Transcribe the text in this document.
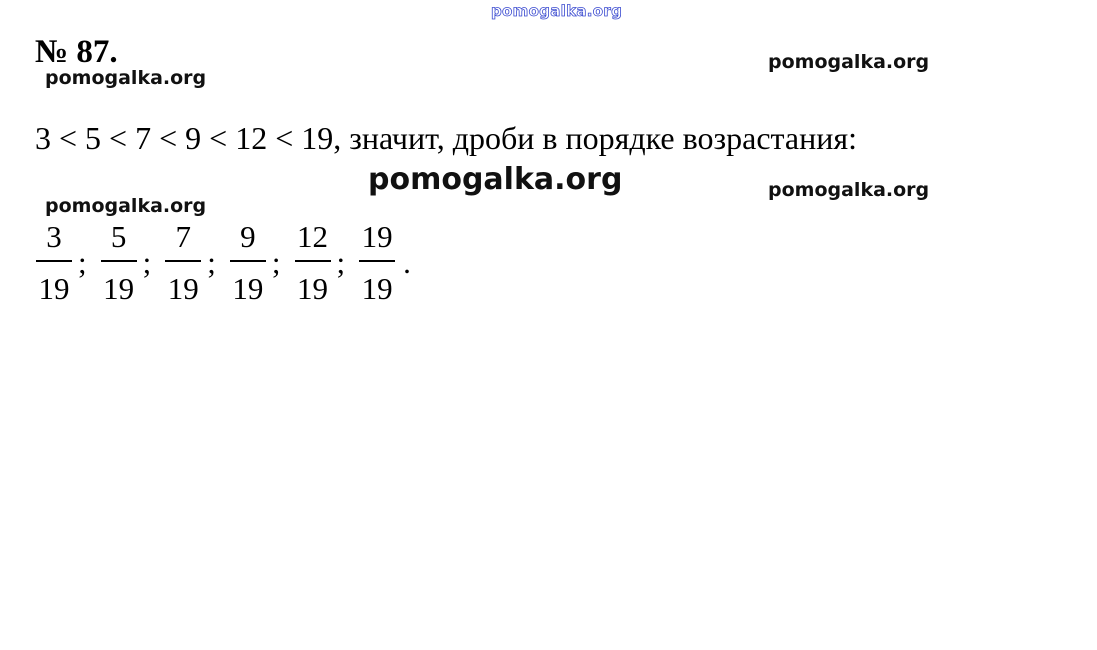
pomogalka.org
№ 87.
pomogalka.org
pomogalka.org

3 < 5 < 7 < 9 < 12 < 19, значит, дроби в порядке возрастания:

pomogalka.org	pomogalka.org
pomogalka.org
$\frac{3}{19}$ ; $\frac{5}{19}$ ; $\frac{7}{19}$ ; $\frac{9}{19}$ ; $\frac{12}{19}$ ; $\frac{19}{19}$ .
